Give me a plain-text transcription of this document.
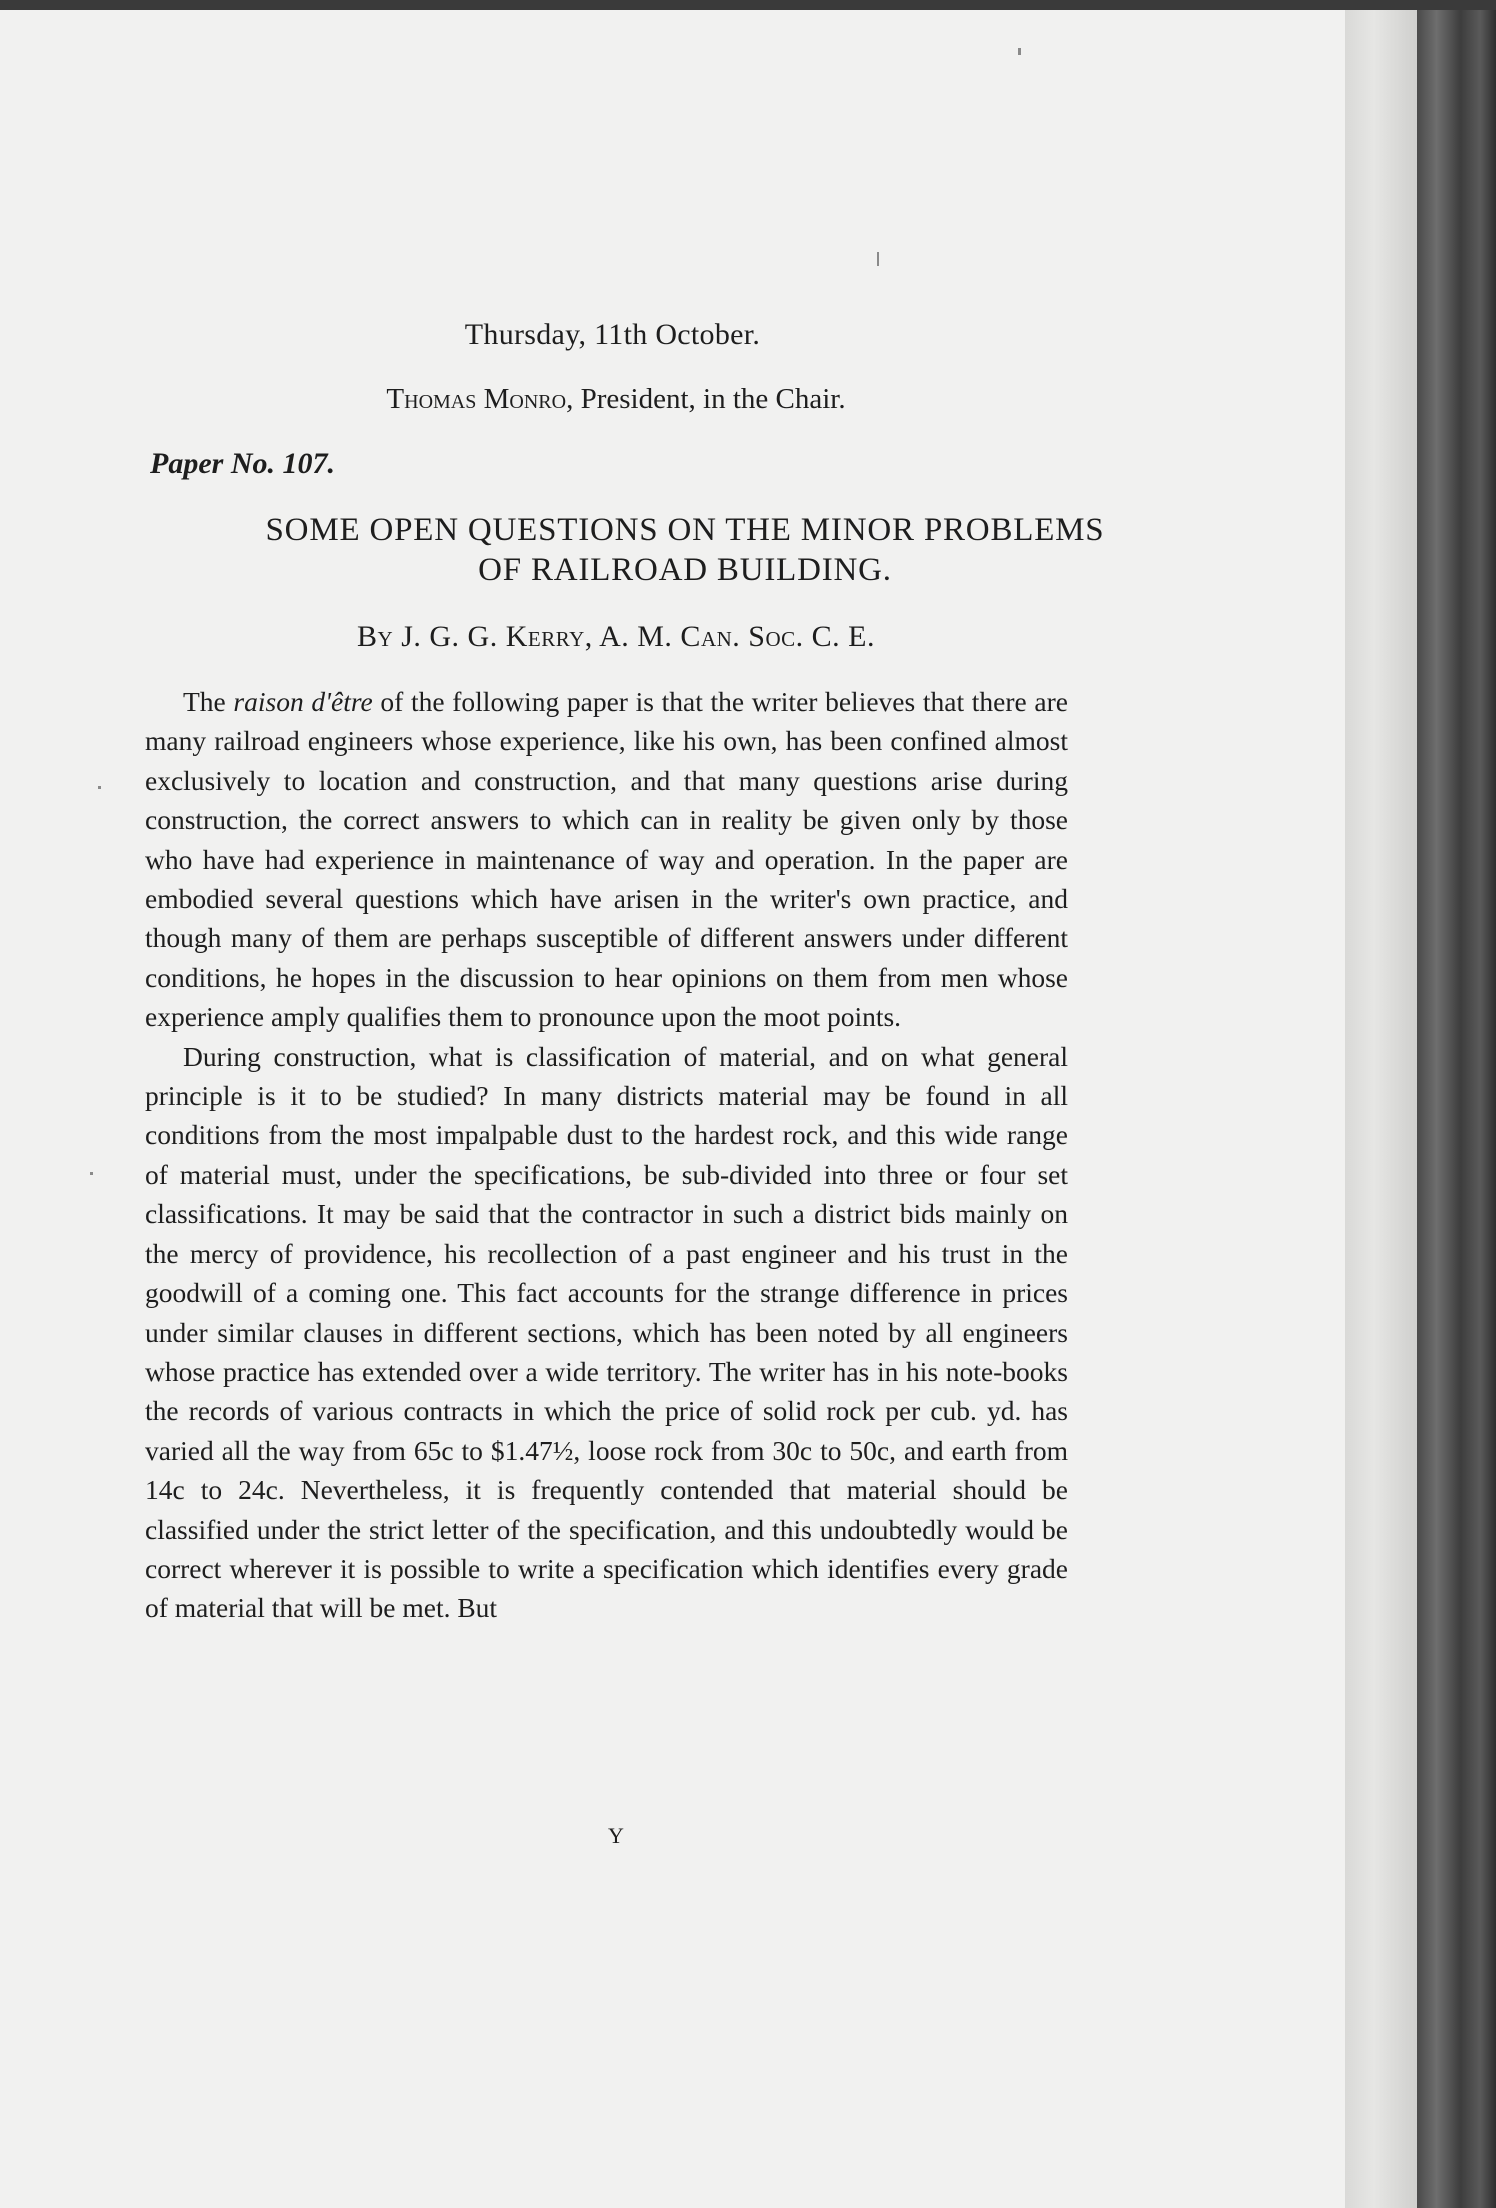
Thursday, 11th October.
Thomas Monro, President, in the Chair.
Paper No. 107.
SOME OPEN QUESTIONS ON THE MINOR PROBLEMS
OF RAILROAD BUILDING.
By J. G. G. Kerry, A. M. Can. Soc. C. E.

The raison d'être of the following paper is that the writer believes that there are many railroad engineers whose experience, like his own, has been confined almost exclusively to location and construction, and that many questions arise during construction, the correct answers to which can in reality be given only by those who have had experience in maintenance of way and operation. In the paper are embodied several questions which have arisen in the writer's own practice, and though many of them are perhaps susceptible of different answers under different conditions, he hopes in the discussion to hear opinions on them from men whose experience amply qualifies them to pronounce upon the moot points.

During construction, what is classification of material, and on what general principle is it to be studied? In many districts material may be found in all conditions from the most impalpable dust to the hardest rock, and this wide range of material must, under the specifications, be sub-divided into three or four set classifications. It may be said that the contractor in such a district bids mainly on the mercy of providence, his recollection of a past engineer and his trust in the goodwill of a coming one. This fact accounts for the strange difference in prices under similar clauses in different sections, which has been noted by all engineers whose practice has extended over a wide territory. The writer has in his note-books the records of various contracts in which the price of solid rock per cub. yd. has varied all the way from 65c to $1.47½, loose rock from 30c to 50c, and earth from 14c to 24c. Nevertheless, it is frequently contended that material should be classified under the strict letter of the specification, and this undoubtedly would be correct wherever it is possible to write a specification which identifies every grade of material that will be met. But

Y
